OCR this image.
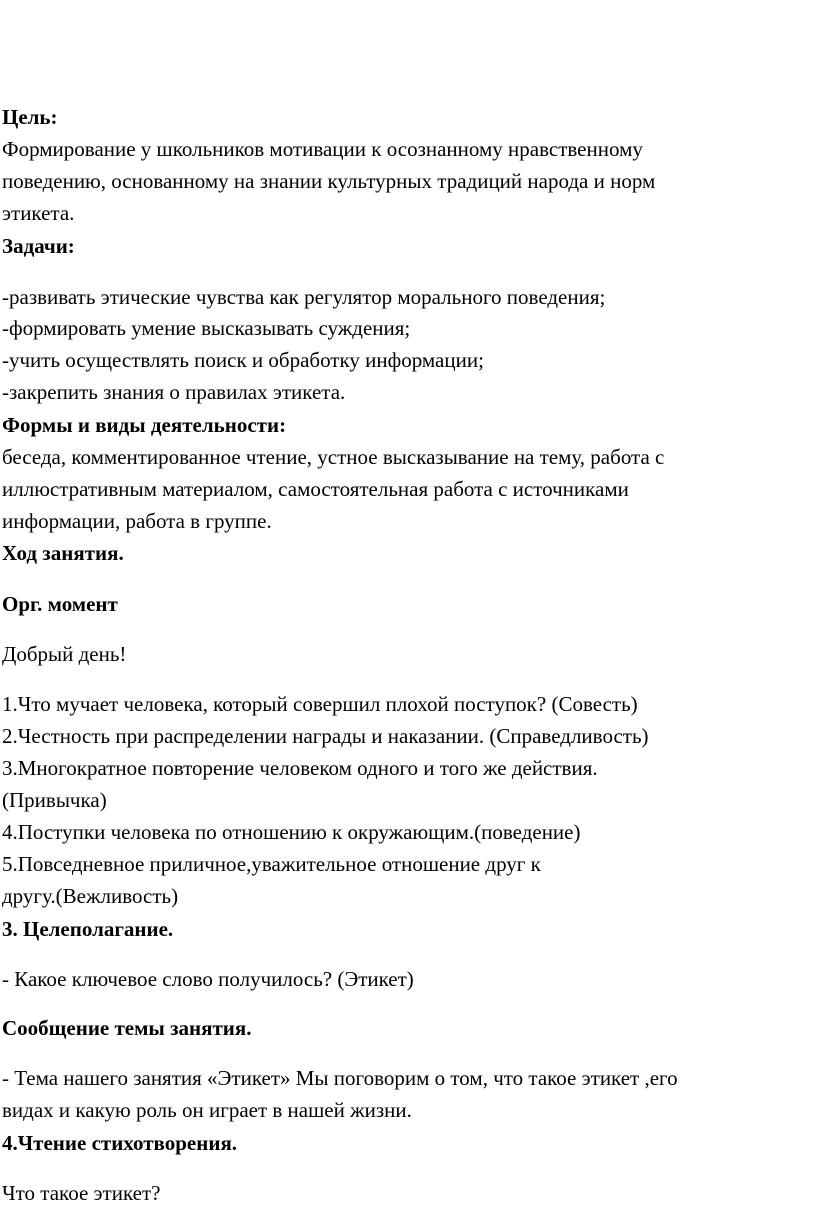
Цель:
Формирование у школьников мотивации к осознанному нравственному
поведению, основанному на знании культурных традиций народа и норм
этикета.
Задачи:
-развивать этические чувства как регулятор морального поведения;
-формировать умение высказывать суждения;
-учить осуществлять поиск и обработку информации;
-закрепить знания о правилах этикета.
Формы и виды деятельности:
беседа, комментированное чтение, устное высказывание на тему, работа с
иллюстративным материалом, самостоятельная работа с источниками
информации, работа в группе.
Ход занятия.
Орг. момент
Добрый день!
1.Что мучает человека, который совершил плохой поступок? (Совесть)
2.Честность при распределении награды и наказании. (Справедливость)
3.Многократное повторение человеком одного и того же действия.
(Привычка)
4.Поступки человека по отношению к окружающим.(поведение)
5.Повседневное приличное,уважительное отношение друг к
другу.(Вежливость)
3. Целеполагание.
- Какое ключевое слово получилось? (Этикет)
Сообщение темы занятия.
- Тема нашего занятия «Этикет» Мы поговорим о том, что такое этикет ,его
видах и какую роль он играет в нашей жизни.
4.Чтение стихотворения.
Что такое этикет?
